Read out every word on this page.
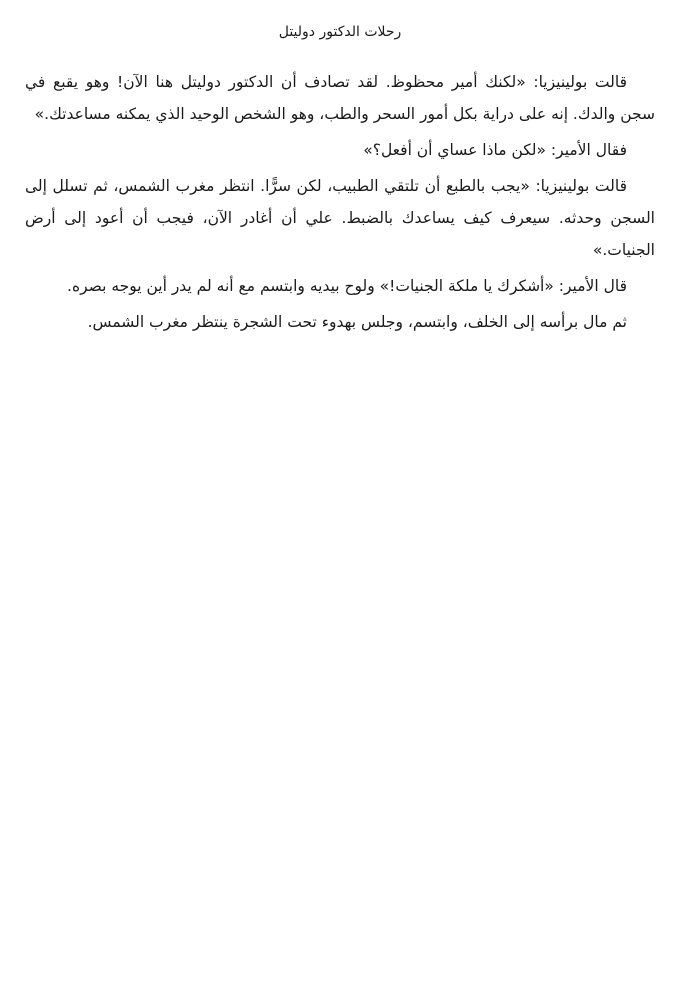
رحلات الدكتور دوليتل

قالت بولينيزيا: «لكنك أمير محظوظ. لقد تصادف أن الدكتور دوليتل هنا الآن! وهو يقبع في سجن والدك. إنه على دراية بكل أمور السحر والطب، وهو الشخص الوحيد الذي يمكنه مساعدتك.»

فقال الأمير: «لكن ماذا عساي أن أفعل؟»

قالت بولينيزيا: «يجب بالطبع أن تلتقي الطبيب، لكن سرًّا. انتظر مغرب الشمس، ثم تسلل إلى السجن وحدثه. سيعرف كيف يساعدك بالضبط. علي أن أغادر الآن، فيجب أن أعود إلى أرض الجنيات.»

قال الأمير: «أشكرك يا ملكة الجنيات!» ولوح بيديه وابتسم مع أنه لم يدر أين يوجه بصره.

ثم مال برأسه إلى الخلف، وابتسم، وجلس بهدوء تحت الشجرة ينتظر مغرب الشمس.
